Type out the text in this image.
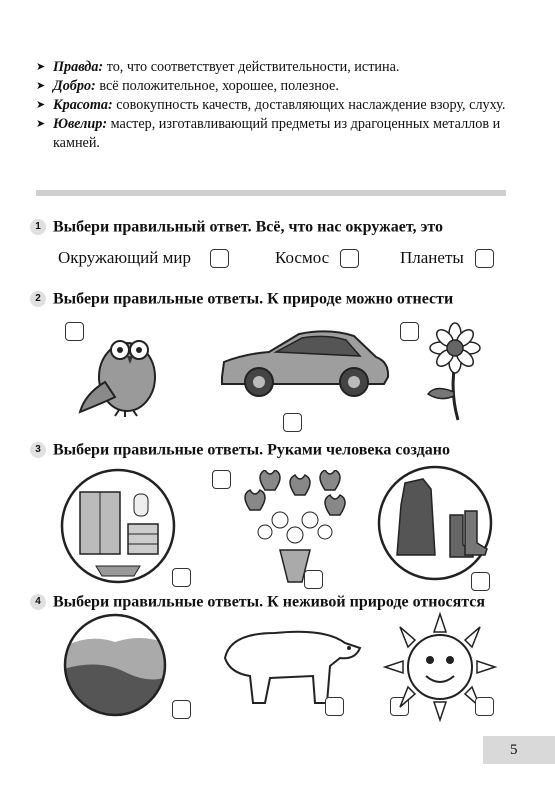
➤ Правда: то, что соответствует действительности, истина.
➤ Добро: всё положительное, хорошее, полезное.
➤ Красота: совокупность качеств, доставляющих наслаждение взору, слуху.
➤ Ювелир: мастер, изготавливающий предметы из драгоценных металлов и камней.
1 Выбери правильный ответ. Всё, что нас окружает, это
Окружающий мир	Космос	Планеты
2 Выбери правильные ответы. К природе можно отнести
3 Выбери правильные ответы. Руками человека создано
4 Выбери правильные ответы. К неживой природе относятся
5
